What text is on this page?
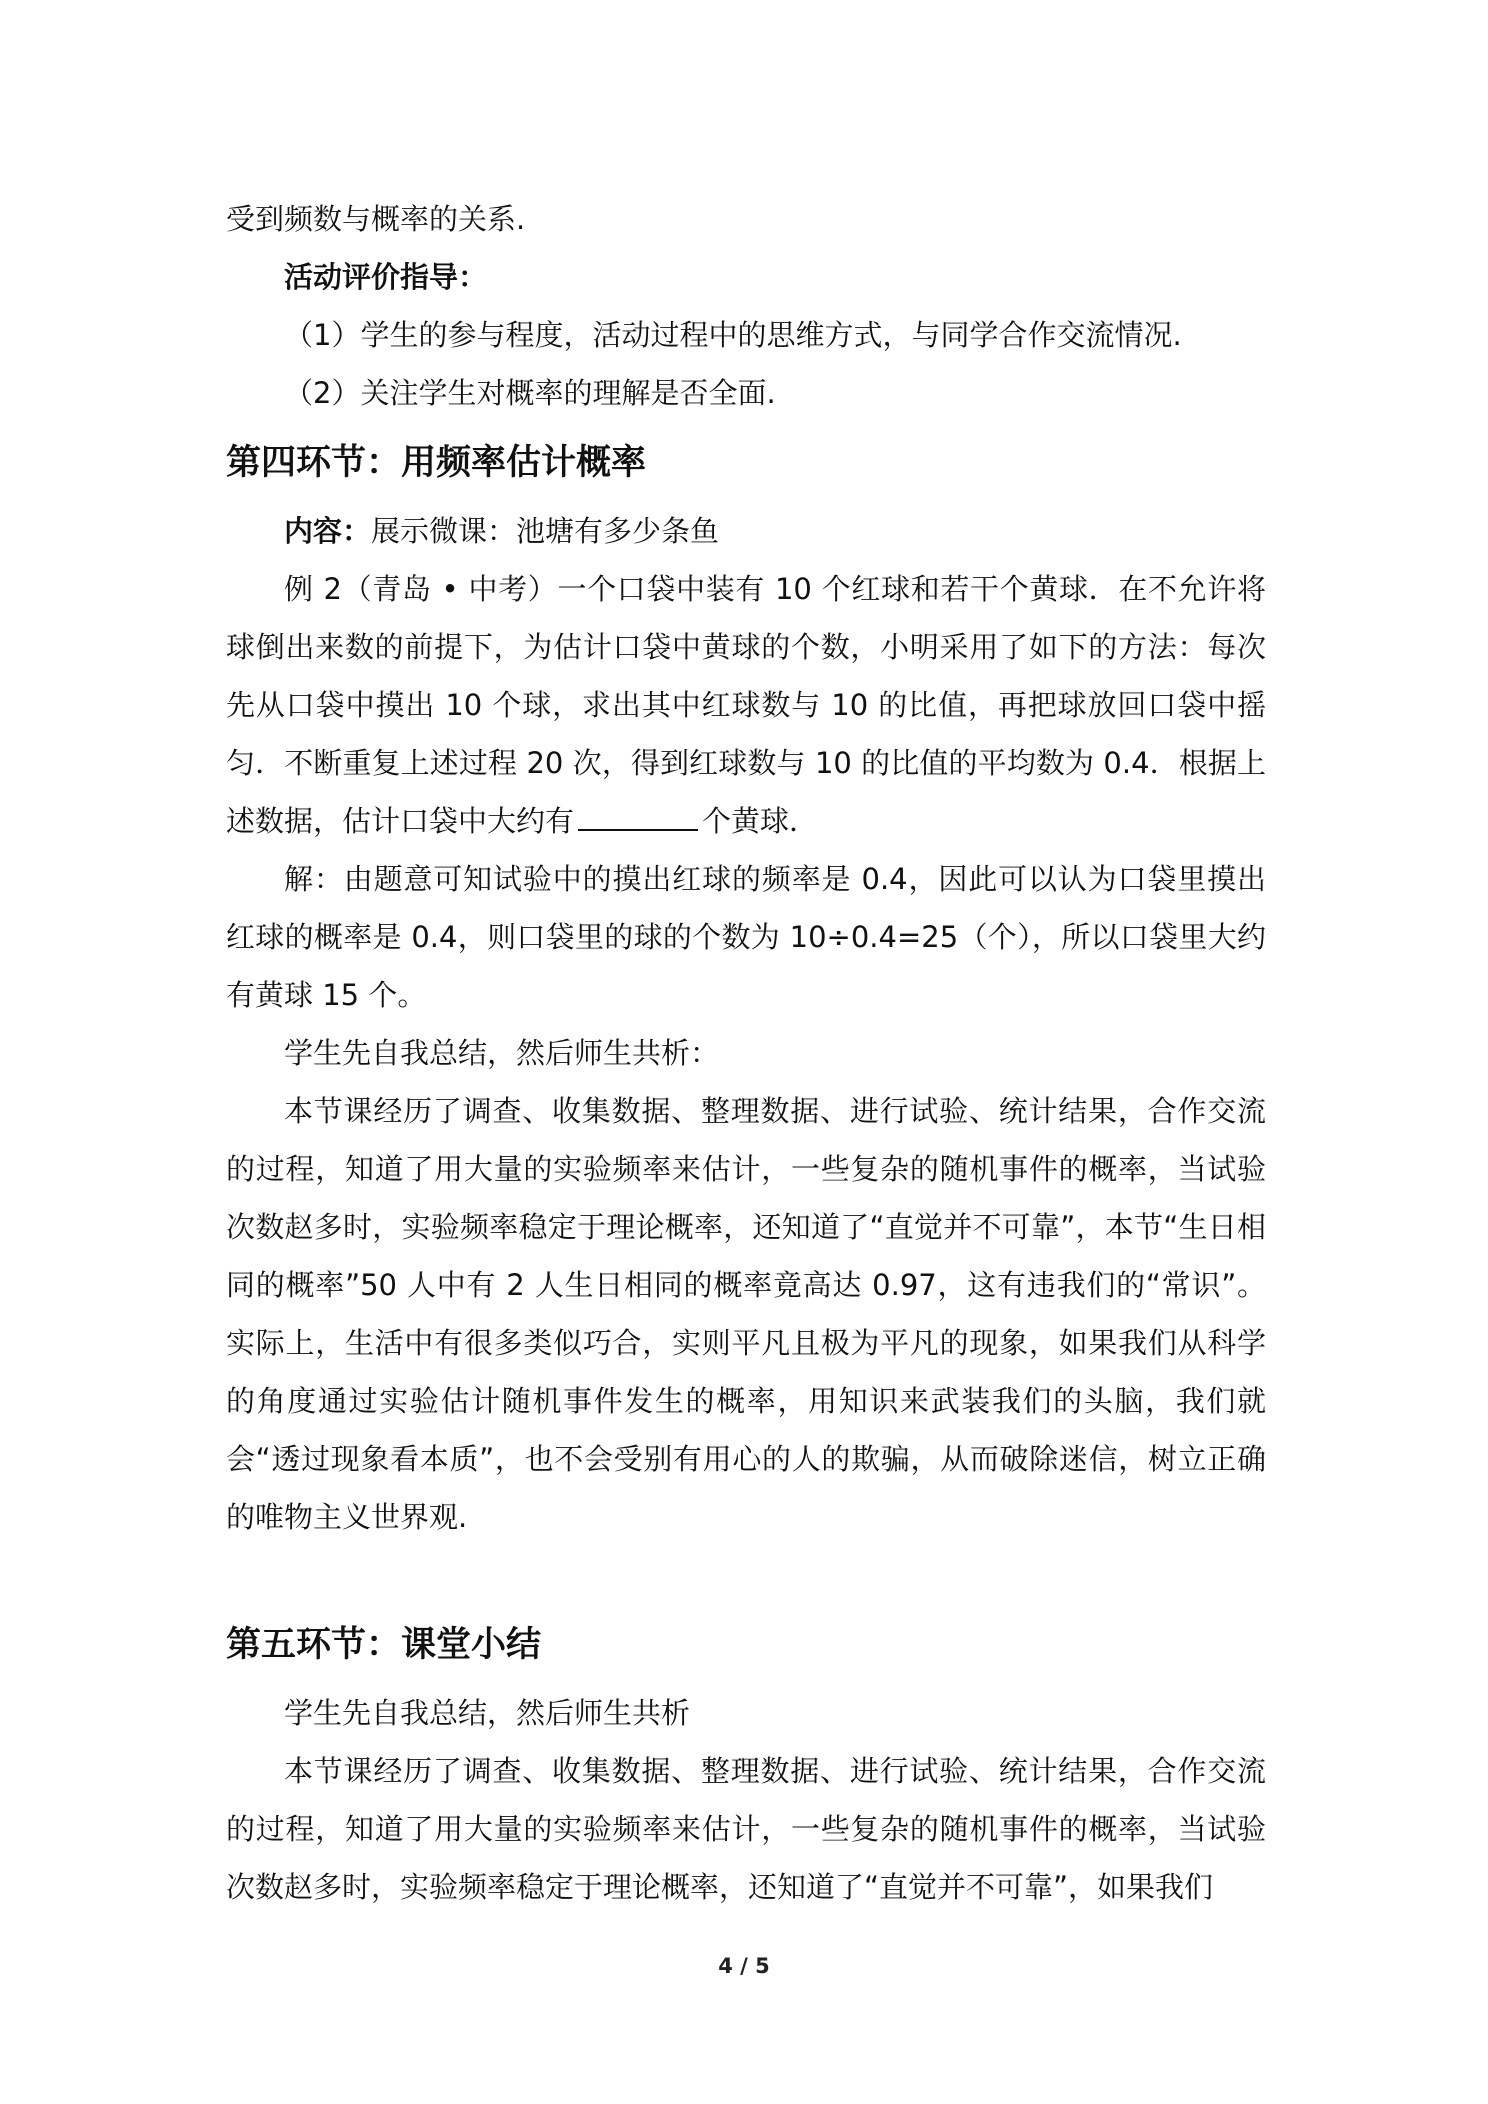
受到频数与概率的关系.

活动评价指导：

（1）学生的参与程度，活动过程中的思维方式，与同学合作交流情况.

（2）关注学生对概率的理解是否全面.

第四环节：用频率估计概率

内容：展示微课：池塘有多少条鱼

例 2（青岛 • 中考）一个口袋中装有 10 个红球和若干个黄球．在不允许将球倒出来数的前提下，为估计口袋中黄球的个数，小明采用了如下的方法：每次先从口袋中摸出 10 个球，求出其中红球数与 10 的比值，再把球放回口袋中摇匀．不断重复上述过程 20 次，得到红球数与 10 的比值的平均数为 0.4．根据上述数据，估计口袋中大约有	个黄球．

解：由题意可知试验中的摸出红球的频率是 0.4，因此可以认为口袋里摸出红球的概率是 0.4，则口袋里的球的个数为 10÷0.4=25（个），所以口袋里大约有黄球 15 个。

学生先自我总结，然后师生共析：

本节课经历了调查、收集数据、整理数据、进行试验、统计结果，合作交流的过程，知道了用大量的实验频率来估计，一些复杂的随机事件的概率，当试验次数赵多时，实验频率稳定于理论概率，还知道了“直觉并不可靠”，本节“生日相同的概率”50 人中有 2 人生日相同的概率竟高达 0.97，这有违我们的“常识”。实际上，生活中有很多类似巧合，实则平凡且极为平凡的现象，如果我们从科学的角度通过实验估计随机事件发生的概率，用知识来武装我们的头脑，我们就会“透过现象看本质”，也不会受别有用心的人的欺骗，从而破除迷信，树立正确的唯物主义世界观.

第五环节：课堂小结

学生先自我总结，然后师生共析

本节课经历了调查、收集数据、整理数据、进行试验、统计结果，合作交流的过程，知道了用大量的实验频率来估计，一些复杂的随机事件的概率，当试验次数赵多时，实验频率稳定于理论概率，还知道了“直觉并不可靠”，如果我们

4 / 5
